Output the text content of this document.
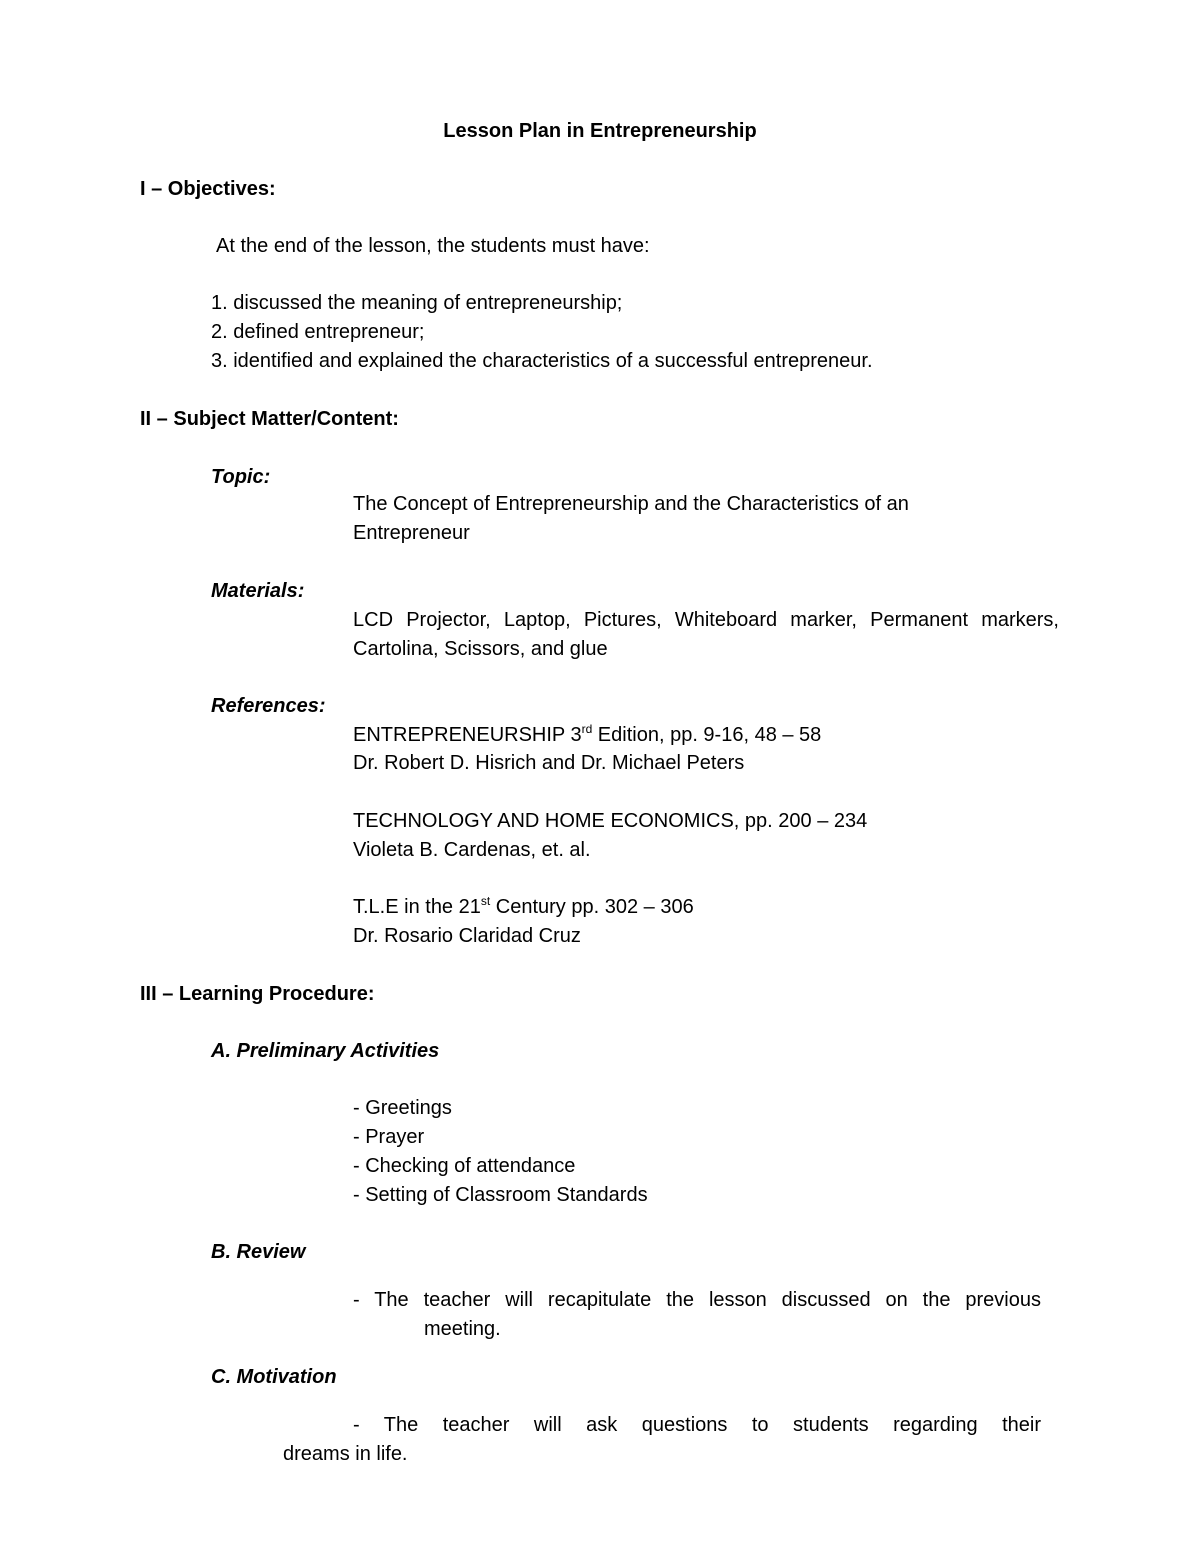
Lesson Plan in Entrepreneurship
I – Objectives:
At the end of the lesson, the students must have:
1. discussed the meaning of entrepreneurship;
2. defined entrepreneur;
3. identified and explained the characteristics of a successful entrepreneur.
II – Subject Matter/Content:
Topic:
The Concept of Entrepreneurship and the Characteristics of an
Entrepreneur
Materials:
LCD Projector, Laptop, Pictures, Whiteboard marker, Permanent markers, Cartolina, Scissors, and glue
References:
ENTREPRENEURSHIP 3rd Edition, pp. 9-16, 48 – 58
Dr. Robert D. Hisrich and Dr. Michael Peters
TECHNOLOGY AND HOME ECONOMICS, pp. 200 – 234
Violeta B. Cardenas, et. al.
T.L.E in the 21st Century pp. 302 – 306
Dr. Rosario Claridad Cruz
III – Learning Procedure:
A. Preliminary Activities
- Greetings
- Prayer
- Checking of attendance
- Setting of Classroom Standards
B. Review
- The teacher will recapitulate the lesson discussed on the previous
meeting.
C. Motivation
- The teacher will ask questions to students regarding their
dreams in life.
